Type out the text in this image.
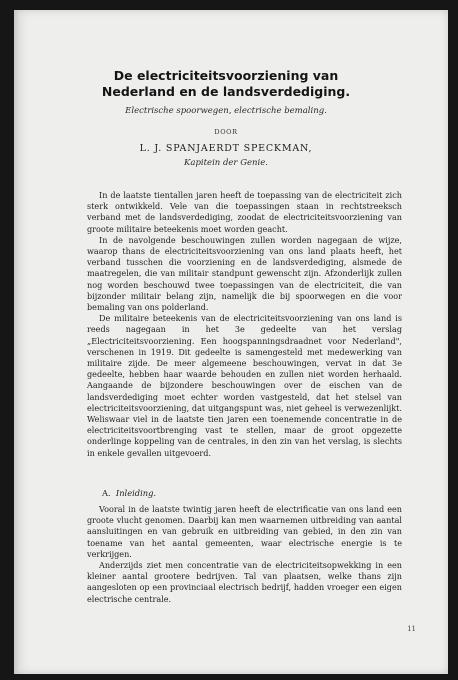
De electriciteitsvoorziening van Nederland en de landsverdediging.
Electrische spoorwegen, electrische bemaling.
DOOR
L. J. SPANJAERDT SPECKMAN,
Kapitein der Genie.

In de laatste tientallen jaren heeft de toepassing van de electriciteit zich sterk ontwikkeld. Vele van die toepassingen staan in rechtstreeksch verband met de landsverdediging, zoodat de electriciteitsvoorziening van groote militaire beteekenis moet worden geacht.

In de navolgende beschouwingen zullen worden nagegaan de wijze, waarop thans de electriciteitsvoorziening van ons land plaats heeft, het verband tusschen die voorziening en de landsverdediging, alsmede de maatregelen, die van militair standpunt gewenscht zijn. Afzonderlijk zullen nog worden beschouwd twee toepassingen van de electriciteit, die van bijzonder militair belang zijn, namelijk die bij spoorwegen en die voor bemaling van ons polderland.

De militaire beteekenis van de electriciteitsvoorziening van ons land is reeds nagegaan in het 3e gedeelte van het verslag „Electriciteitsvoorziening. Een hoogspanningsdraadnet voor Nederland", verschenen in 1919. Dit gedeelte is samengesteld met medewerking van militaire zijde. De meer algemeene beschouwingen, vervat in dat 3e gedeelte, hebben haar waarde behouden en zullen niet worden herhaald. Aangaande de bijzondere beschouwingen over de eischen van de landsverdediging moet echter worden vastgesteld, dat het stelsel van electriciteitsvoorziening, dat uitgangspunt was, niet geheel is verwezenlijkt. Weliswaar viel in de laatste tien jaren een toenemende concentratie in de electriciteitsvoortbrenging vast te stellen, maar de groot opgezette onderlinge koppeling van de centrales, in den zin van het verslag, is slechts in enkele gevallen uitgevoerd.

A. Inleiding.

Vooral in de laatste twintig jaren heeft de electrificatie van ons land een groote vlucht genomen. Daarbij kan men waarnemen uitbreiding van aantal aansluitingen en van gebruik en uitbreiding van gebied, in den zin van toename van het aantal gemeenten, waar electrische energie is te verkrijgen.

Anderzijds ziet men concentratie van de electriciteitsopwekking in een kleiner aantal grootere bedrijven. Tal van plaatsen, welke thans zijn aangesloten op een provinciaal electrisch bedrijf, hadden vroeger een eigen electrische centrale.

11
